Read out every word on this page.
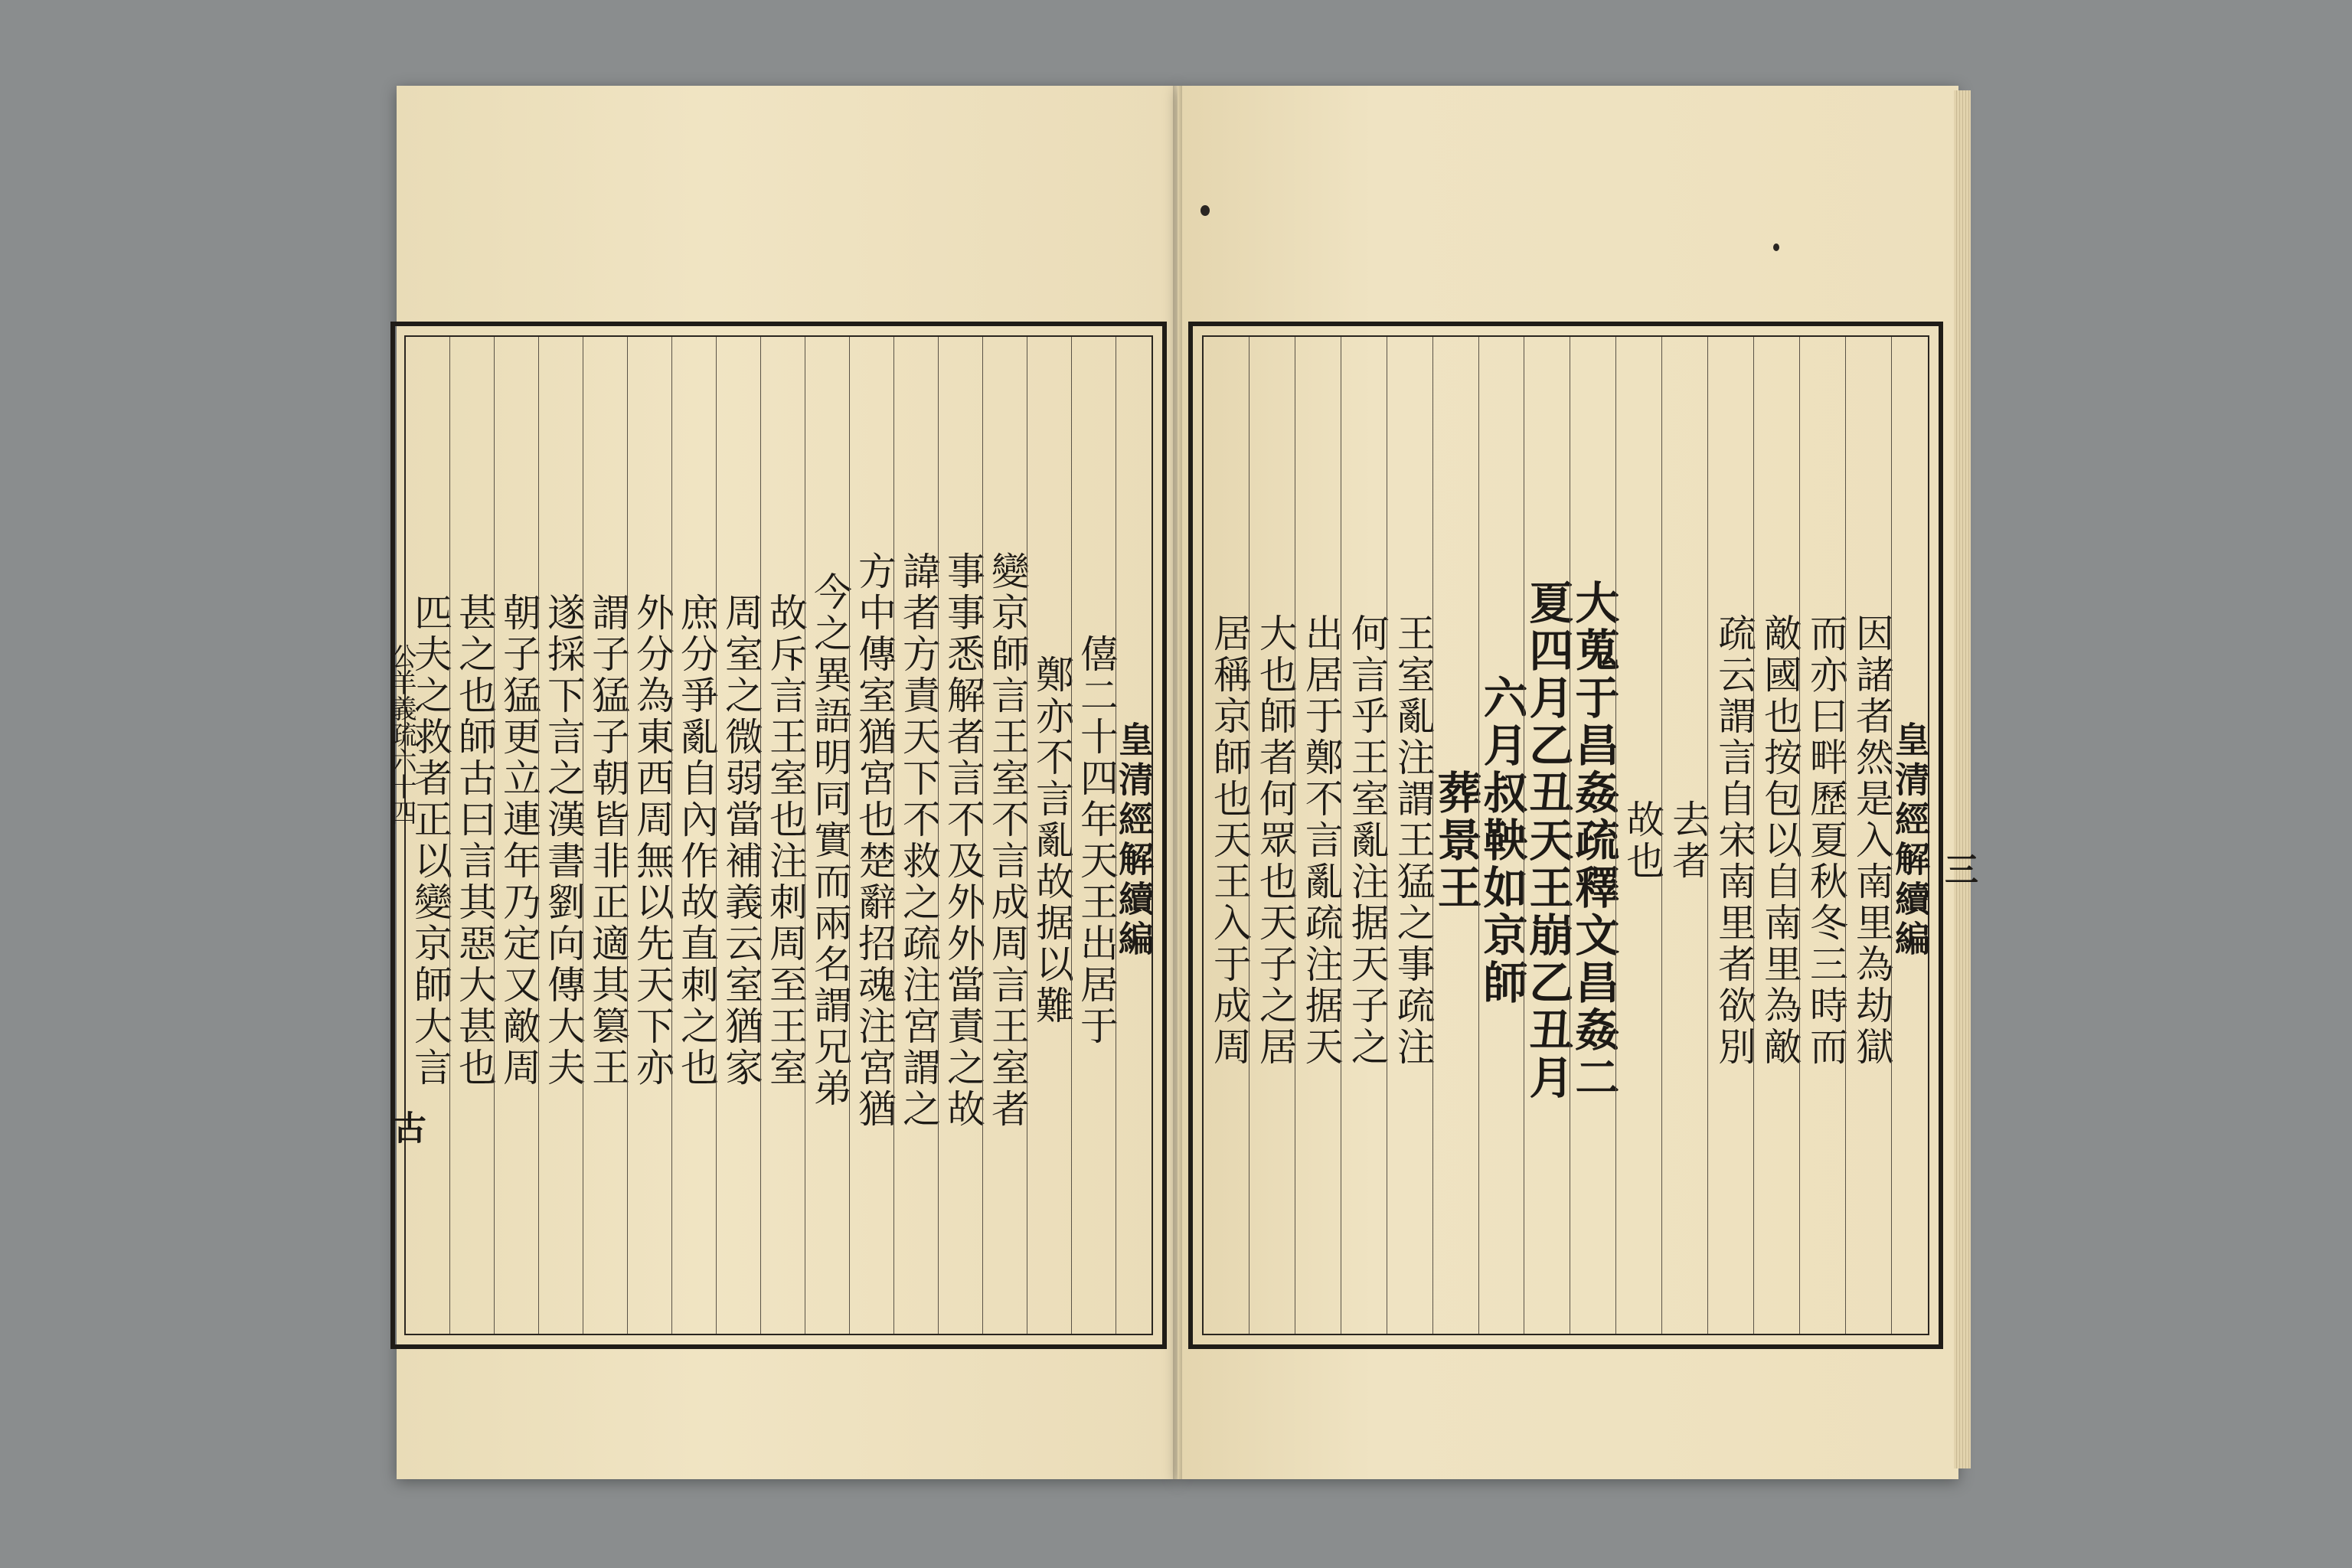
皇清經解續編
僖二十四年天王出居于
鄭亦不言亂故据以難
變京師言王室不言成周言王室者
事事悉解者言不及外外當責之故
諱者方責天下不救之疏注宮謂之
方中傳室猶宮也楚辭招魂注宮猶
今之異語明同實而兩名謂兄弟
故斥言王室也注刺周至王室
周室之微弱當補義云室猶家
庶分爭亂自內作故直刺之也
外分為東西周無以先天下亦
謂子猛子朝皆非正適其篡王
遂採下言之漢書劉向傳大夫
朝子猛更立連年乃定又敵周
甚之也師古曰言其惡大甚也
匹夫之救者正以變京師大言
古
公羊義疏六十四	皇清經解續編
因諸者然是入南里為劫獄
而亦曰畔歷夏秋冬三時而
敵國也按包以自南里為敵
疏云謂言自宋南里者欲別
去者
故也
大蒐于昌姦疏釋文昌姦二
夏四月乙丑天王崩乙丑月
六月叔鞅如京師
葬景王
王室亂注謂王猛之事疏注
何言乎王室亂注据天子之
出居于鄭不言亂疏注据天
大也師者何眾也天子之居
居稱京師也天王入于成周	三
